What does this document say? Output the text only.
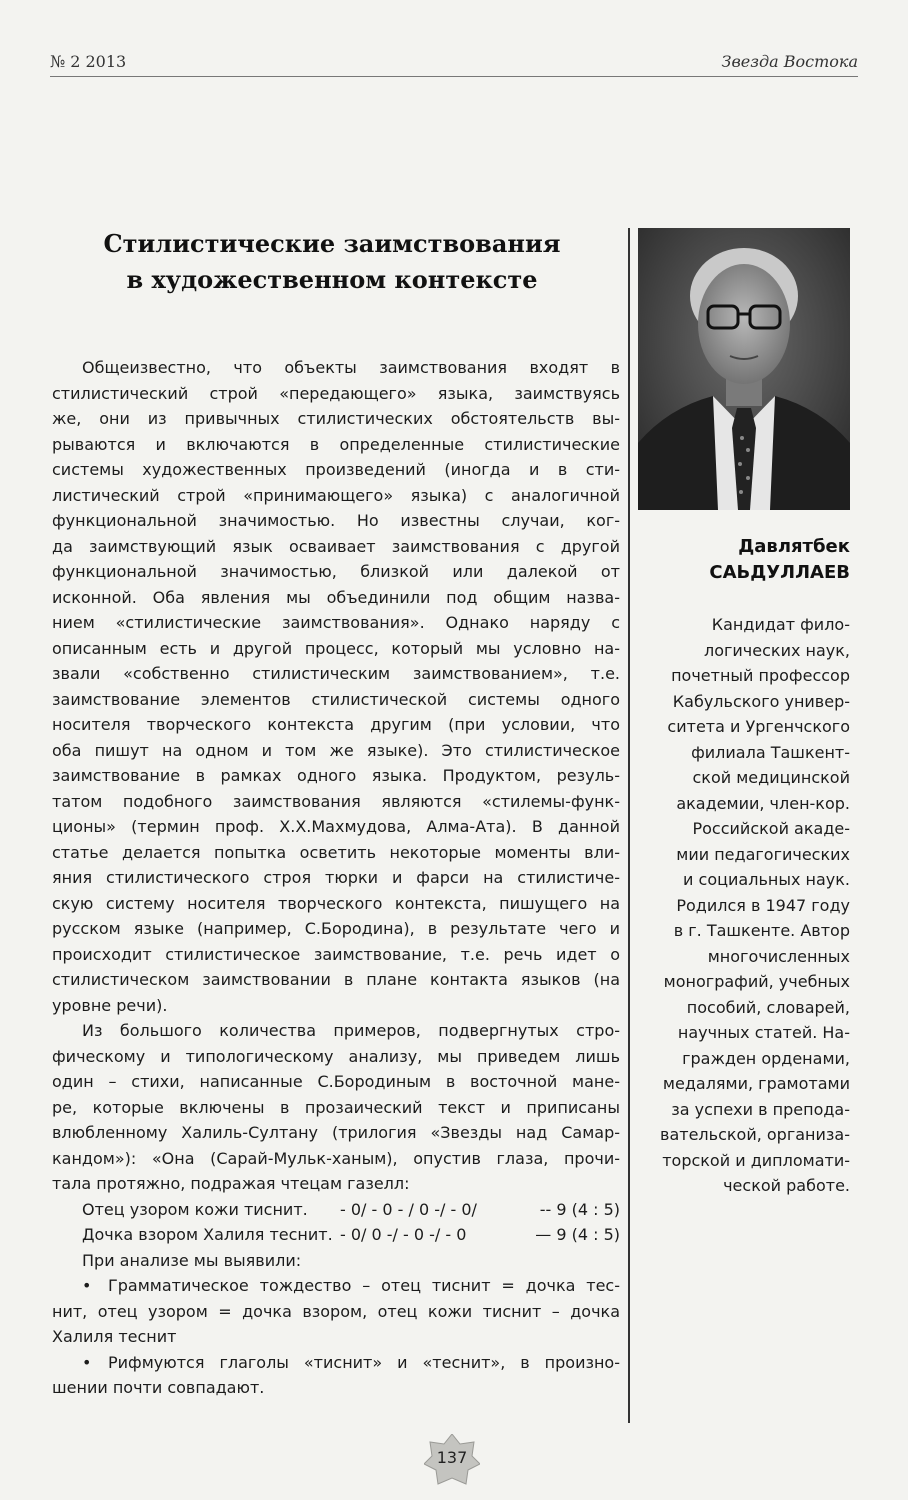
№ 2 2013	Звезда Востока
Стилистические заимствования
в художественном контексте
Общеизвестно, что объекты заимствования входят в
стилистический строй «передающего» языка, заимствуясь
же, они из привычных стилистических обстоятельств вы-
рываются и включаются в определенные стилистические
системы художественных произведений (иногда и в сти-
листический строй «принимающего» языка) с аналогичной
функциональной значимостью. Но известны случаи, ког-
да заимствующий язык осваивает заимствования с другой
функциональной значимостью, близкой или далекой от
исконной. Оба явления мы объединили под общим назва-
нием «стилистические заимствования». Однако наряду с
описанным есть и другой процесс, который мы условно на-
звали «собственно стилистическим заимствованием», т.е.
заимствование элементов стилистической системы одного
носителя творческого контекста другим (при условии, что
оба пишут на одном и том же языке). Это стилистическое
заимствование в рамках одного языка. Продуктом, резуль-
татом подобного заимствования являются «стилемы-функ-
ционы» (термин проф. Х.Х.Махмудова, Алма-Ата). В данной
статье делается попытка осветить некоторые моменты вли-
яния стилистического строя тюрки и фарси на стилистиче-
скую систему носителя творческого контекста, пишущего на
русском языке (например, С.Бородина), в результате чего и
происходит стилистическое заимствование, т.е. речь идет о
стилистическом заимствовании в плане контакта языков (на
уровне речи).
Из большого количества примеров, подвергнутых стро-
фическому и типологическому анализу, мы приведем лишь
один – стихи, написанные С.Бородиным в восточной мане-
ре, которые включены в прозаический текст и приписаны
влюбленному Халиль-Султану (трилогия «Звезды над Самар-
кандом»): «Она (Сарай-Мульк-ханым), опустив глаза, прочи-
тала протяжно, подражая чтецам газелл:
Отец узором кожи тиснит.	- 0/ - 0 - / 0 -/ - 0/	-- 9 (4 : 5)
Дочка взором Халиля теснит. - 0/ 0 -/ - 0 -/ - 0	— 9 (4 : 5)
При анализе мы выявили:
• Грамматическое тождество – отец тиснит = дочка тес-
нит, отец узором = дочка взором, отец кожи тиснит – дочка
Халиля теснит
• Рифмуются глаголы «тиснит» и «теснит», в произно-
шении почти совпадают.
Давлятбек
САЬДУЛЛАЕВ
Кандидат фило-
логических наук,
почетный профессор
Кабульского универ-
ситета и Ургенчского
филиала Ташкент-
ской медицинской
академии, член-кор.
Российской акаде-
мии педагогических
и социальных наук.
Родился в 1947 году
в г. Ташкенте. Автор
многочисленных
монографий, учебных
пособий, словарей,
научных статей. На-
гражден орденами,
медалями, грамотами
за успехи в препода-
вательской, организа-
торской и дипломати-
ческой работе.
137
